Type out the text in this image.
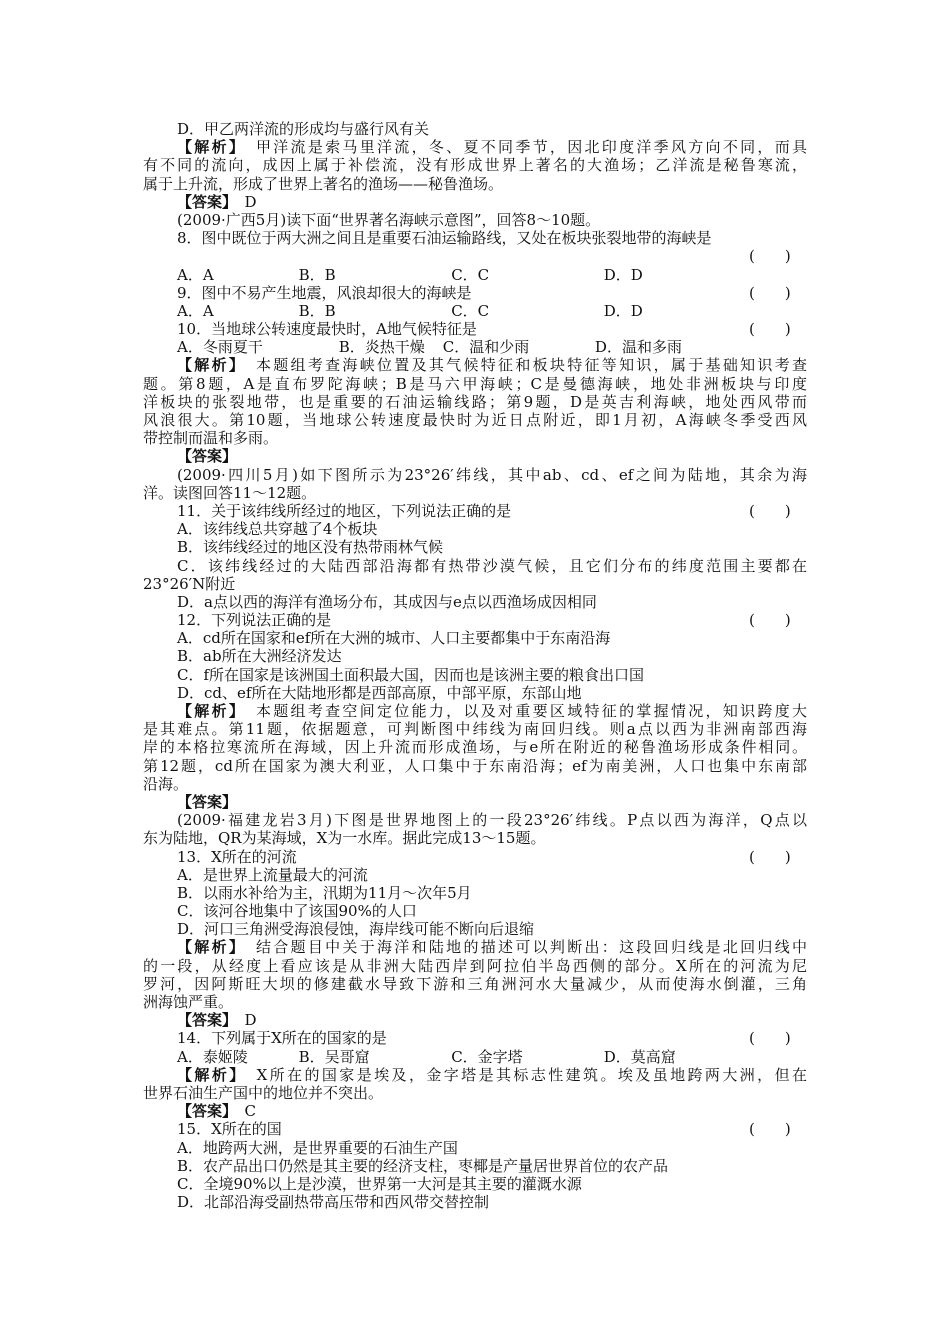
D．甲乙两洋流的形成均与盛行风有关
【解析】　甲洋流是索马里洋流，冬、夏不同季节，因北印度洋季风方向不同，而具
有不同的流向，成因上属于补偿流，没有形成世界上著名的大渔场；乙洋流是秘鲁寒流，
属于上升流，形成了世界上著名的渔场——秘鲁渔场。
【答案】　D
(2009·广西5月)读下面“世界著名海峡示意图”，回答8～10题。
8．图中既位于两大洲之间且是重要石油运输路线，又处在板块张裂地带的海峡是
(　　)
A．A	B．B	C．C	D．D
(　　)
9．图中不易产生地震，风浪却很大的海峡是
A．A	B．B	C．C	D．D
(　　)
10．当地球公转速度最快时，A地气候特征是
A．冬雨夏干	B．炎热干燥	C．温和少雨	D．温和多雨
【解析】　本题组考查海峡位置及其气候特征和板块特征等知识，属于基础知识考查
题。第8题，A是直布罗陀海峡；B是马六甲海峡；C是曼德海峡，地处非洲板块与印度
洋板块的张裂地带，也是重要的石油运输线路；第9题，D是英吉利海峡，地处西风带而
风浪很大。第10题，当地球公转速度最快时为近日点附近，即1月初，A海峡冬季受西风
带控制而温和多雨。
【答案】
(2009·四川5月)如下图所示为23°26′纬线，其中ab、cd、ef之间为陆地，其余为海
洋。读图回答11～12题。
(　　)
11．关于该纬线所经过的地区，下列说法正确的是
A．该纬线总共穿越了4个板块
B．该纬线经过的地区没有热带雨林气候
C．该纬线经过的大陆西部沿海都有热带沙漠气候，且它们分布的纬度范围主要都在
23°26′N附近
D．a点以西的海洋有渔场分布，其成因与e点以西渔场成因相同
(　　)
12．下列说法正确的是
A．cd所在国家和ef所在大洲的城市、人口主要都集中于东南沿海
B．ab所在大洲经济发达
C．f所在国家是该洲国土面积最大国，因而也是该洲主要的粮食出口国
D．cd、ef所在大陆地形都是西部高原，中部平原，东部山地
【解析】　本题组考查空间定位能力，以及对重要区域特征的掌握情况，知识跨度大
是其难点。第11题，依据题意，可判断图中纬线为南回归线。则a点以西为非洲南部西海
岸的本格拉寒流所在海域，因上升流而形成渔场，与e所在附近的秘鲁渔场形成条件相同。
第12题，cd所在国家为澳大利亚，人口集中于东南沿海；ef为南美洲，人口也集中东南部
沿海。
【答案】
(2009·福建龙岩3月)下图是世界地图上的一段23°26′纬线。P点以西为海洋，Q点以
东为陆地，QR为某海域，X为一水库。据此完成13～15题。
(　　)
13．X所在的河流
A．是世界上流量最大的河流
B．以雨水补给为主，汛期为11月～次年5月
C．该河谷地集中了该国90%的人口
D．河口三角洲受海浪侵蚀，海岸线可能不断向后退缩
【解析】　结合题目中关于海洋和陆地的描述可以判断出：这段回归线是北回归线中
的一段，从经度上看应该是从非洲大陆西岸到阿拉伯半岛西侧的部分。X所在的河流为尼
罗河，因阿斯旺大坝的修建截水导致下游和三角洲河水大量减少，从而使海水倒灌，三角
洲海蚀严重。
【答案】　D
(　　)
14．下列属于X所在的国家的是
A．泰姬陵	B．吴哥窟	C．金字塔	D．莫高窟
【解析】　X所在的国家是埃及，金字塔是其标志性建筑。埃及虽地跨两大洲，但在
世界石油生产国中的地位并不突出。
【答案】　C
(　　)
15．X所在的国
A．地跨两大洲，是世界重要的石油生产国
B．农产品出口仍然是其主要的经济支柱，枣椰是产量居世界首位的农产品
C．全境90%以上是沙漠，世界第一大河是其主要的灌溉水源
D．北部沿海受副热带高压带和西风带交替控制
